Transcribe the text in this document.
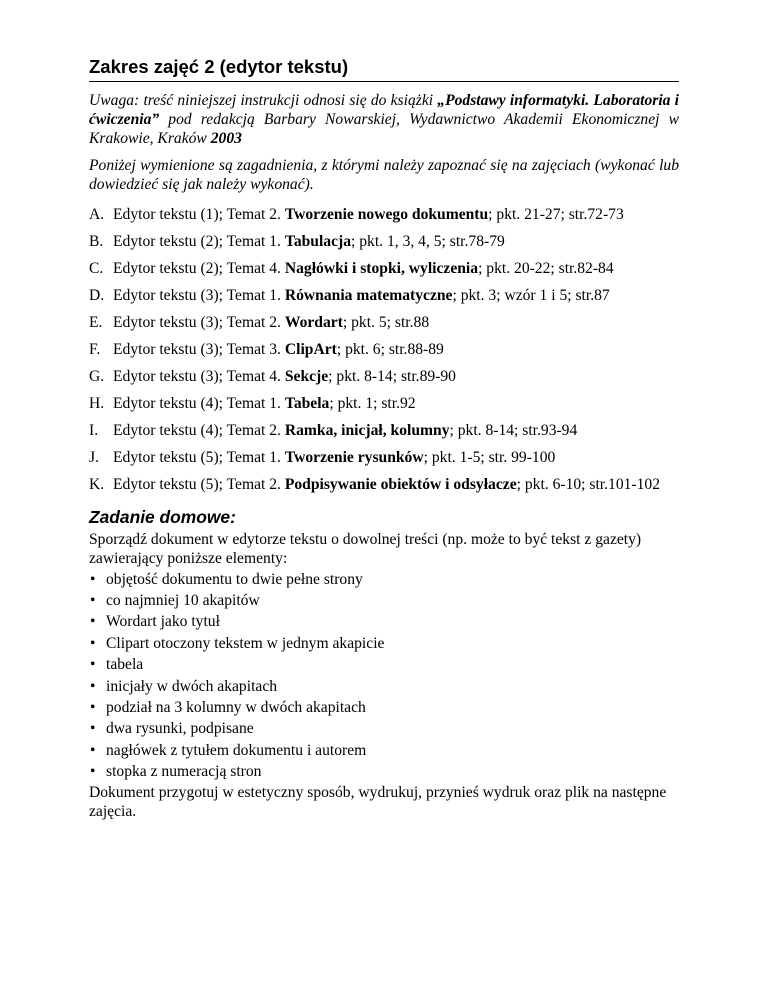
Zakres zajęć 2 (edytor tekstu)

Uwaga: treść niniejszej instrukcji odnosi się do książki „Podstawy informatyki. Laboratoria i ćwiczenia” pod redakcją Barbary Nowarskiej, Wydawnictwo Akademii Ekonomicznej w Krakowie, Kraków 2003

Poniżej wymienione są zagadnienia, z którymi należy zapoznać się na zajęciach (wykonać lub dowiedzieć się jak należy wykonać).

A. Edytor tekstu (1); Temat 2. Tworzenie nowego dokumentu; pkt. 21-27; str.72-73
B. Edytor tekstu (2); Temat 1. Tabulacja; pkt. 1, 3, 4, 5; str.78-79
C. Edytor tekstu (2); Temat 4. Nagłówki i stopki, wyliczenia; pkt. 20-22; str.82-84
D. Edytor tekstu (3); Temat 1. Równania matematyczne; pkt. 3; wzór 1 i 5; str.87
E. Edytor tekstu (3); Temat 2. Wordart; pkt. 5; str.88
F. Edytor tekstu (3); Temat 3. ClipArt; pkt. 6; str.88-89
G. Edytor tekstu (3); Temat 4. Sekcje; pkt. 8-14; str.89-90
H. Edytor tekstu (4); Temat 1. Tabela; pkt. 1; str.92
I. Edytor tekstu (4); Temat 2. Ramka, inicjał, kolumny; pkt. 8-14; str.93-94
J. Edytor tekstu (5); Temat 1. Tworzenie rysunków; pkt. 1-5; str. 99-100
K. Edytor tekstu (5); Temat 2. Podpisywanie obiektów i odsyłacze; pkt. 6-10; str.101-102
Zadanie domowe:

Sporządź dokument w edytorze tekstu o dowolnej treści (np. może to być tekst z gazety) zawierający poniższe elementy:

• objętość dokumentu to dwie pełne strony
• co najmniej 10 akapitów
• Wordart jako tytuł
• Clipart otoczony tekstem w jednym akapicie
• tabela
• inicjały w dwóch akapitach
• podział na 3 kolumny w dwóch akapitach
• dwa rysunki, podpisane
• nagłówek z tytułem dokumentu i autorem
• stopka z numeracją stron

Dokument przygotuj w estetyczny sposób, wydrukuj, przynieś wydruk oraz plik na następne zajęcia.
